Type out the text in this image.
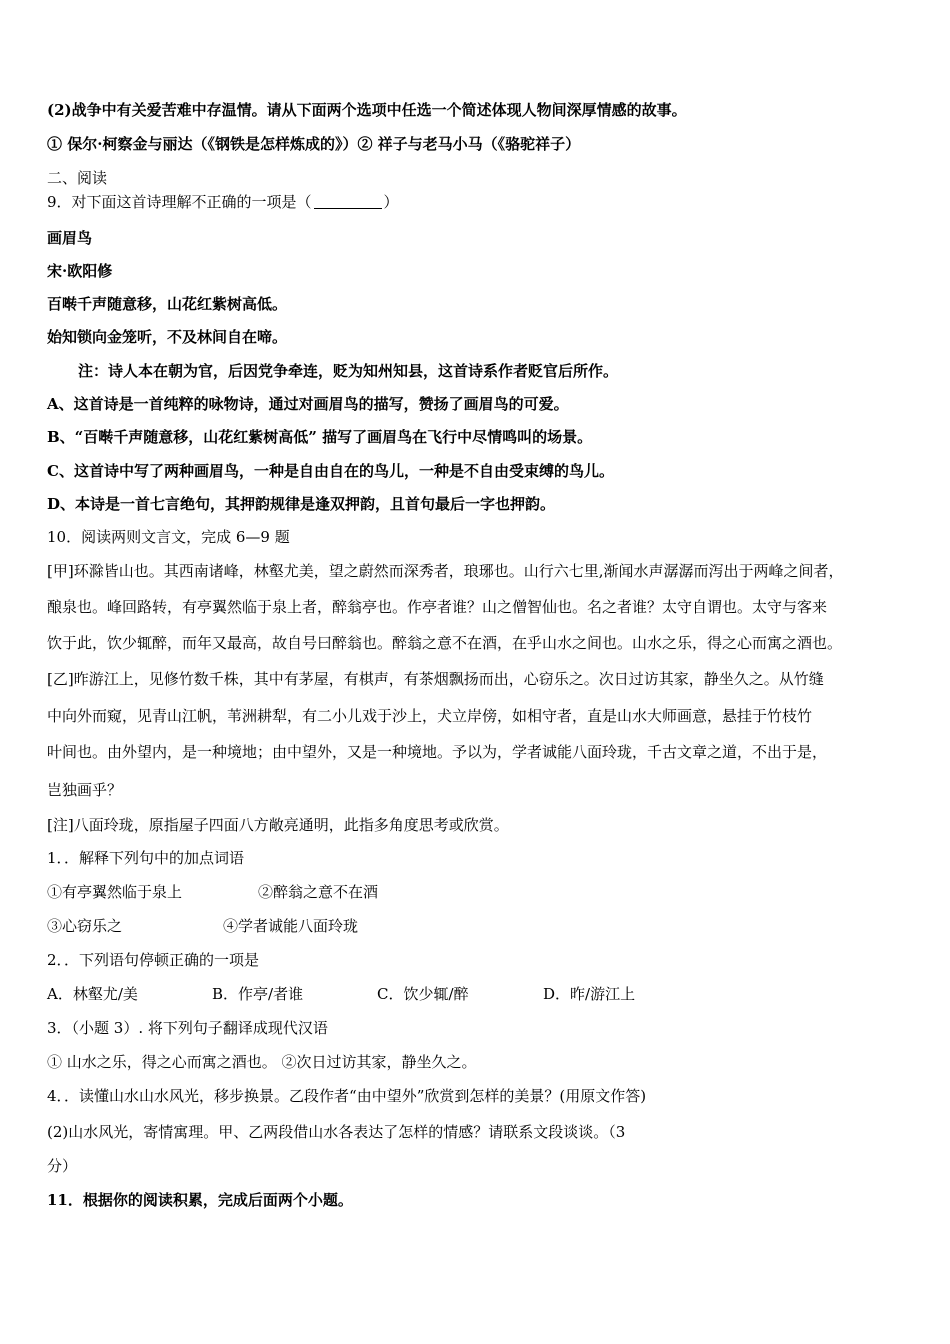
(2)战争中有关爱苦难中存温情。请从下面两个选项中任选一个简述体现人物间深厚情感的故事。
① 保尔·柯察金与丽达（《钢铁是怎样炼成的》）② 祥子与老马小马（《骆驼祥子）
二、阅读
9．对下面这首诗理解不正确的一项是（	）
画眉鸟
宋·欧阳修
百啭千声随意移，山花红紫树高低。
始知锁向金笼听，不及林间自在啼。
注：诗人本在朝为官，后因党争牵连，贬为知州知县，这首诗系作者贬官后所作。
A、这首诗是一首纯粹的咏物诗，通过对画眉鸟的描写，赞扬了画眉鸟的可爱。
B、“百啭千声随意移，山花红紫树高低” 描写了画眉鸟在飞行中尽情鸣叫的场景。
C、这首诗中写了两种画眉鸟，一种是自由自在的鸟儿，一种是不自由受束缚的鸟儿。
D、本诗是一首七言绝句，其押韵规律是逢双押韵，且首句最后一字也押韵。
10．阅读两则文言文，完成 6—9 题
[甲]环滁皆山也。其西南诸峰，林壑尤美，望之蔚然而深秀者，琅琊也。山行六七里,渐闻水声潺潺而泻出于两峰之间者，
酿泉也。峰回路转，有亭翼然临于泉上者，醉翁亭也。作亭者谁？山之僧智仙也。名之者谁？太守自谓也。太守与客来
饮于此，饮少辄醉，而年又最高，故自号曰醉翁也。醉翁之意不在酒，在乎山水之间也。山水之乐，得之心而寓之酒也。
[乙]昨游江上，见修竹数千株，其中有茅屋，有棋声，有茶烟飘扬而出，心窃乐之。次日过访其家，静坐久之。从竹缝
中向外而窥，见青山江帆，苇洲耕犁，有二小儿戏于沙上，犬立岸傍，如相守者，直是山水大师画意，悬挂于竹枝竹
叶间也。由外望内，是一种境地；由中望外，又是一种境地。予以为，学者诚能八面玲珑，千古文章之道，不出于是，
岂独画乎？
[注]八面玲珑，原指屋子四面八方敞亮通明，此指多角度思考或欣赏。
1．．解释下列句中的加点词语
①有亭翼然临于泉上	②醉翁之意不在酒
③心窃乐之	④学者诚能八面玲珑
2．．下列语句停顿正确的一项是
A．林壑尤/美	B．作亭/者谁	C．饮少辄/醉	D．昨/游江上
3．（小题 3）. 将下列句子翻译成现代汉语
① 山水之乐，得之心而寓之酒也。 ②次日过访其家，静坐久之。
4．．读懂山水山水风光，移步换景。乙段作者“由中望外”欣赏到怎样的美景？(用原文作答)
(2)山水风光，寄情寓理。甲、乙两段借山水各表达了怎样的情感？请联系文段谈谈。（3
分）
11．根据你的阅读积累，完成后面两个小题。
